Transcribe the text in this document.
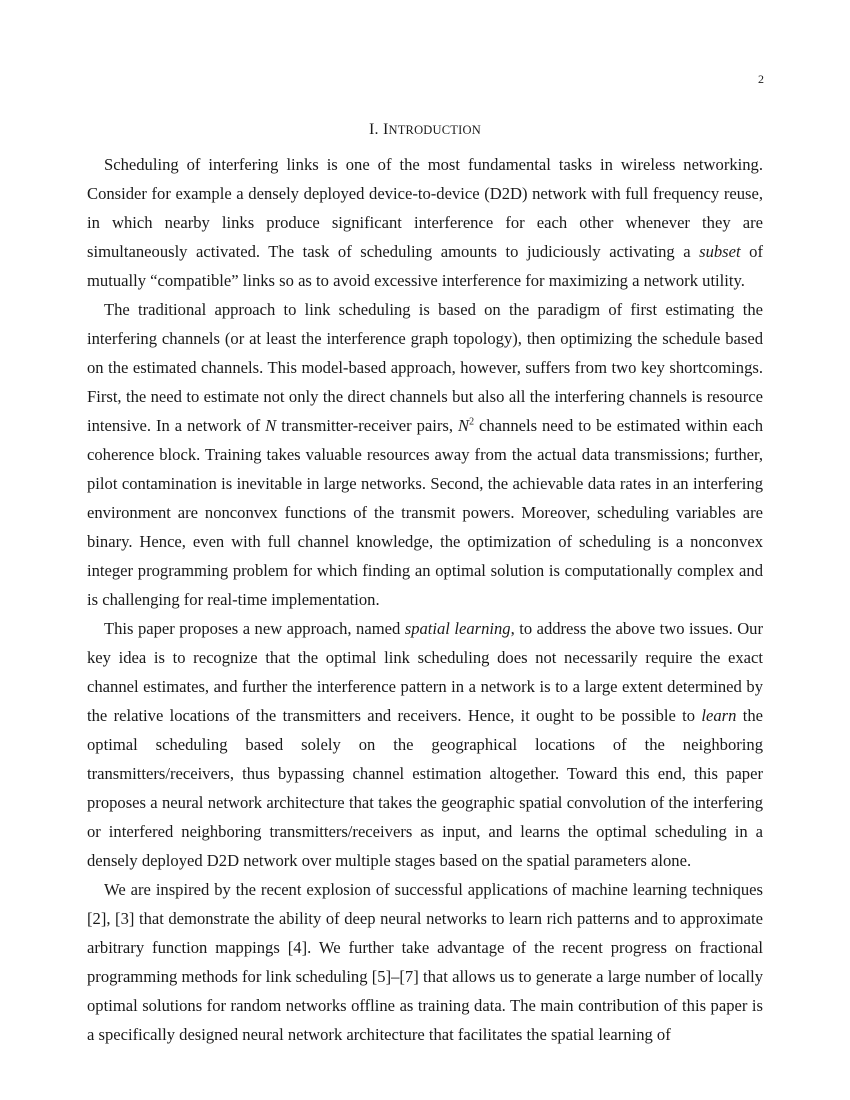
2
I. INTRODUCTION

Scheduling of interfering links is one of the most fundamental tasks in wireless networking. Consider for example a densely deployed device-to-device (D2D) network with full frequency reuse, in which nearby links produce significant interference for each other whenever they are simultaneously activated. The task of scheduling amounts to judiciously activating a subset of mutually “compatible” links so as to avoid excessive interference for maximizing a network utility.

The traditional approach to link scheduling is based on the paradigm of first estimating the interfering channels (or at least the interference graph topology), then optimizing the schedule based on the estimated channels. This model-based approach, however, suffers from two key shortcomings. First, the need to estimate not only the direct channels but also all the interfering channels is resource intensive. In a network of N transmitter-receiver pairs, $N^2$ channels need to be estimated within each coherence block. Training takes valuable resources away from the actual data transmissions; further, pilot contamination is inevitable in large networks. Second, the achievable data rates in an interfering environment are nonconvex functions of the transmit powers. Moreover, scheduling variables are binary. Hence, even with full channel knowledge, the optimization of scheduling is a nonconvex integer programming problem for which finding an optimal solution is computationally complex and is challenging for real-time implementation.

This paper proposes a new approach, named spatial learning, to address the above two issues. Our key idea is to recognize that the optimal link scheduling does not necessarily require the exact channel estimates, and further the interference pattern in a network is to a large extent determined by the relative locations of the transmitters and receivers. Hence, it ought to be possible to learn the optimal scheduling based solely on the geographical locations of the neighboring transmitters/receivers, thus bypassing channel estimation altogether. Toward this end, this paper proposes a neural network architecture that takes the geographic spatial convolution of the interfering or interfered neighboring transmitters/receivers as input, and learns the optimal scheduling in a densely deployed D2D network over multiple stages based on the spatial parameters alone.

We are inspired by the recent explosion of successful applications of machine learning techniques [2], [3] that demonstrate the ability of deep neural networks to learn rich patterns and to approximate arbitrary function mappings [4]. We further take advantage of the recent progress on fractional programming methods for link scheduling [5]–[7] that allows us to generate a large number of locally optimal solutions for random networks offline as training data. The main contribution of this paper is a specifically designed neural network architecture that facilitates the spatial learning of
